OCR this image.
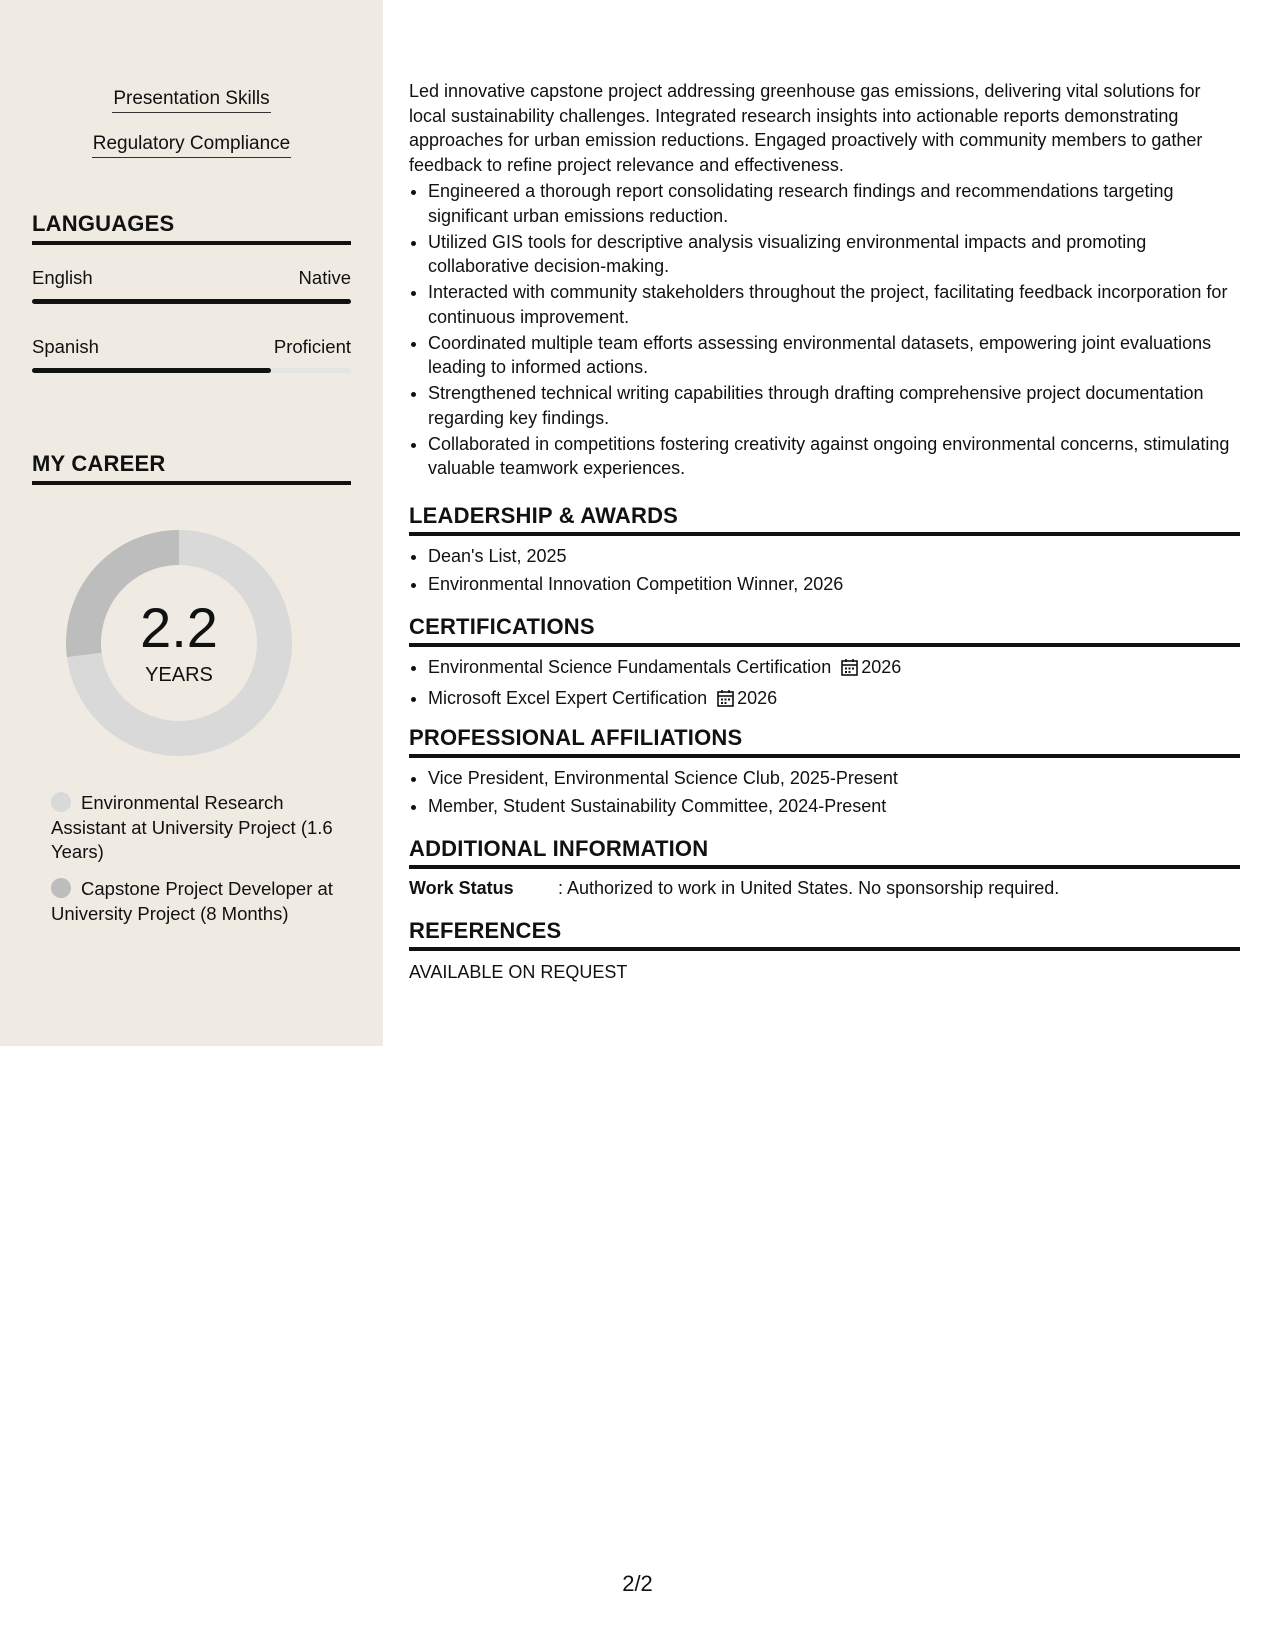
Presentation Skills
Regulatory Compliance
LANGUAGES
English	Native
Spanish	Proficient
MY CAREER
2.2
YEARS
Environmental Research Assistant at University Project (1.6 Years)
Capstone Project Developer at University Project (8 Months)
Led innovative capstone project addressing greenhouse gas emissions, delivering vital solutions for local sustainability challenges. Integrated research insights into actionable reports demonstrating approaches for urban emission reductions. Engaged proactively with community members to gather feedback to refine project relevance and effectiveness.
• Engineered a thorough report consolidating research findings and recommendations targeting significant urban emissions reduction.
• Utilized GIS tools for descriptive analysis visualizing environmental impacts and promoting collaborative decision-making.
• Interacted with community stakeholders throughout the project, facilitating feedback incorporation for continuous improvement.
• Coordinated multiple team efforts assessing environmental datasets, empowering joint evaluations leading to informed actions.
• Strengthened technical writing capabilities through drafting comprehensive project documentation regarding key findings.
• Collaborated in competitions fostering creativity against ongoing environmental concerns, stimulating valuable teamwork experiences.
LEADERSHIP & AWARDS
• Dean's List, 2025
• Environmental Innovation Competition Winner, 2026
CERTIFICATIONS
• Environmental Science Fundamentals Certification 2026
• Microsoft Excel Expert Certification 2026
PROFESSIONAL AFFILIATIONS
• Vice President, Environmental Science Club, 2025-Present
• Member, Student Sustainability Committee, 2024-Present
ADDITIONAL INFORMATION
Work Status : Authorized to work in United States. No sponsorship required.
REFERENCES
AVAILABLE ON REQUEST
2/2
